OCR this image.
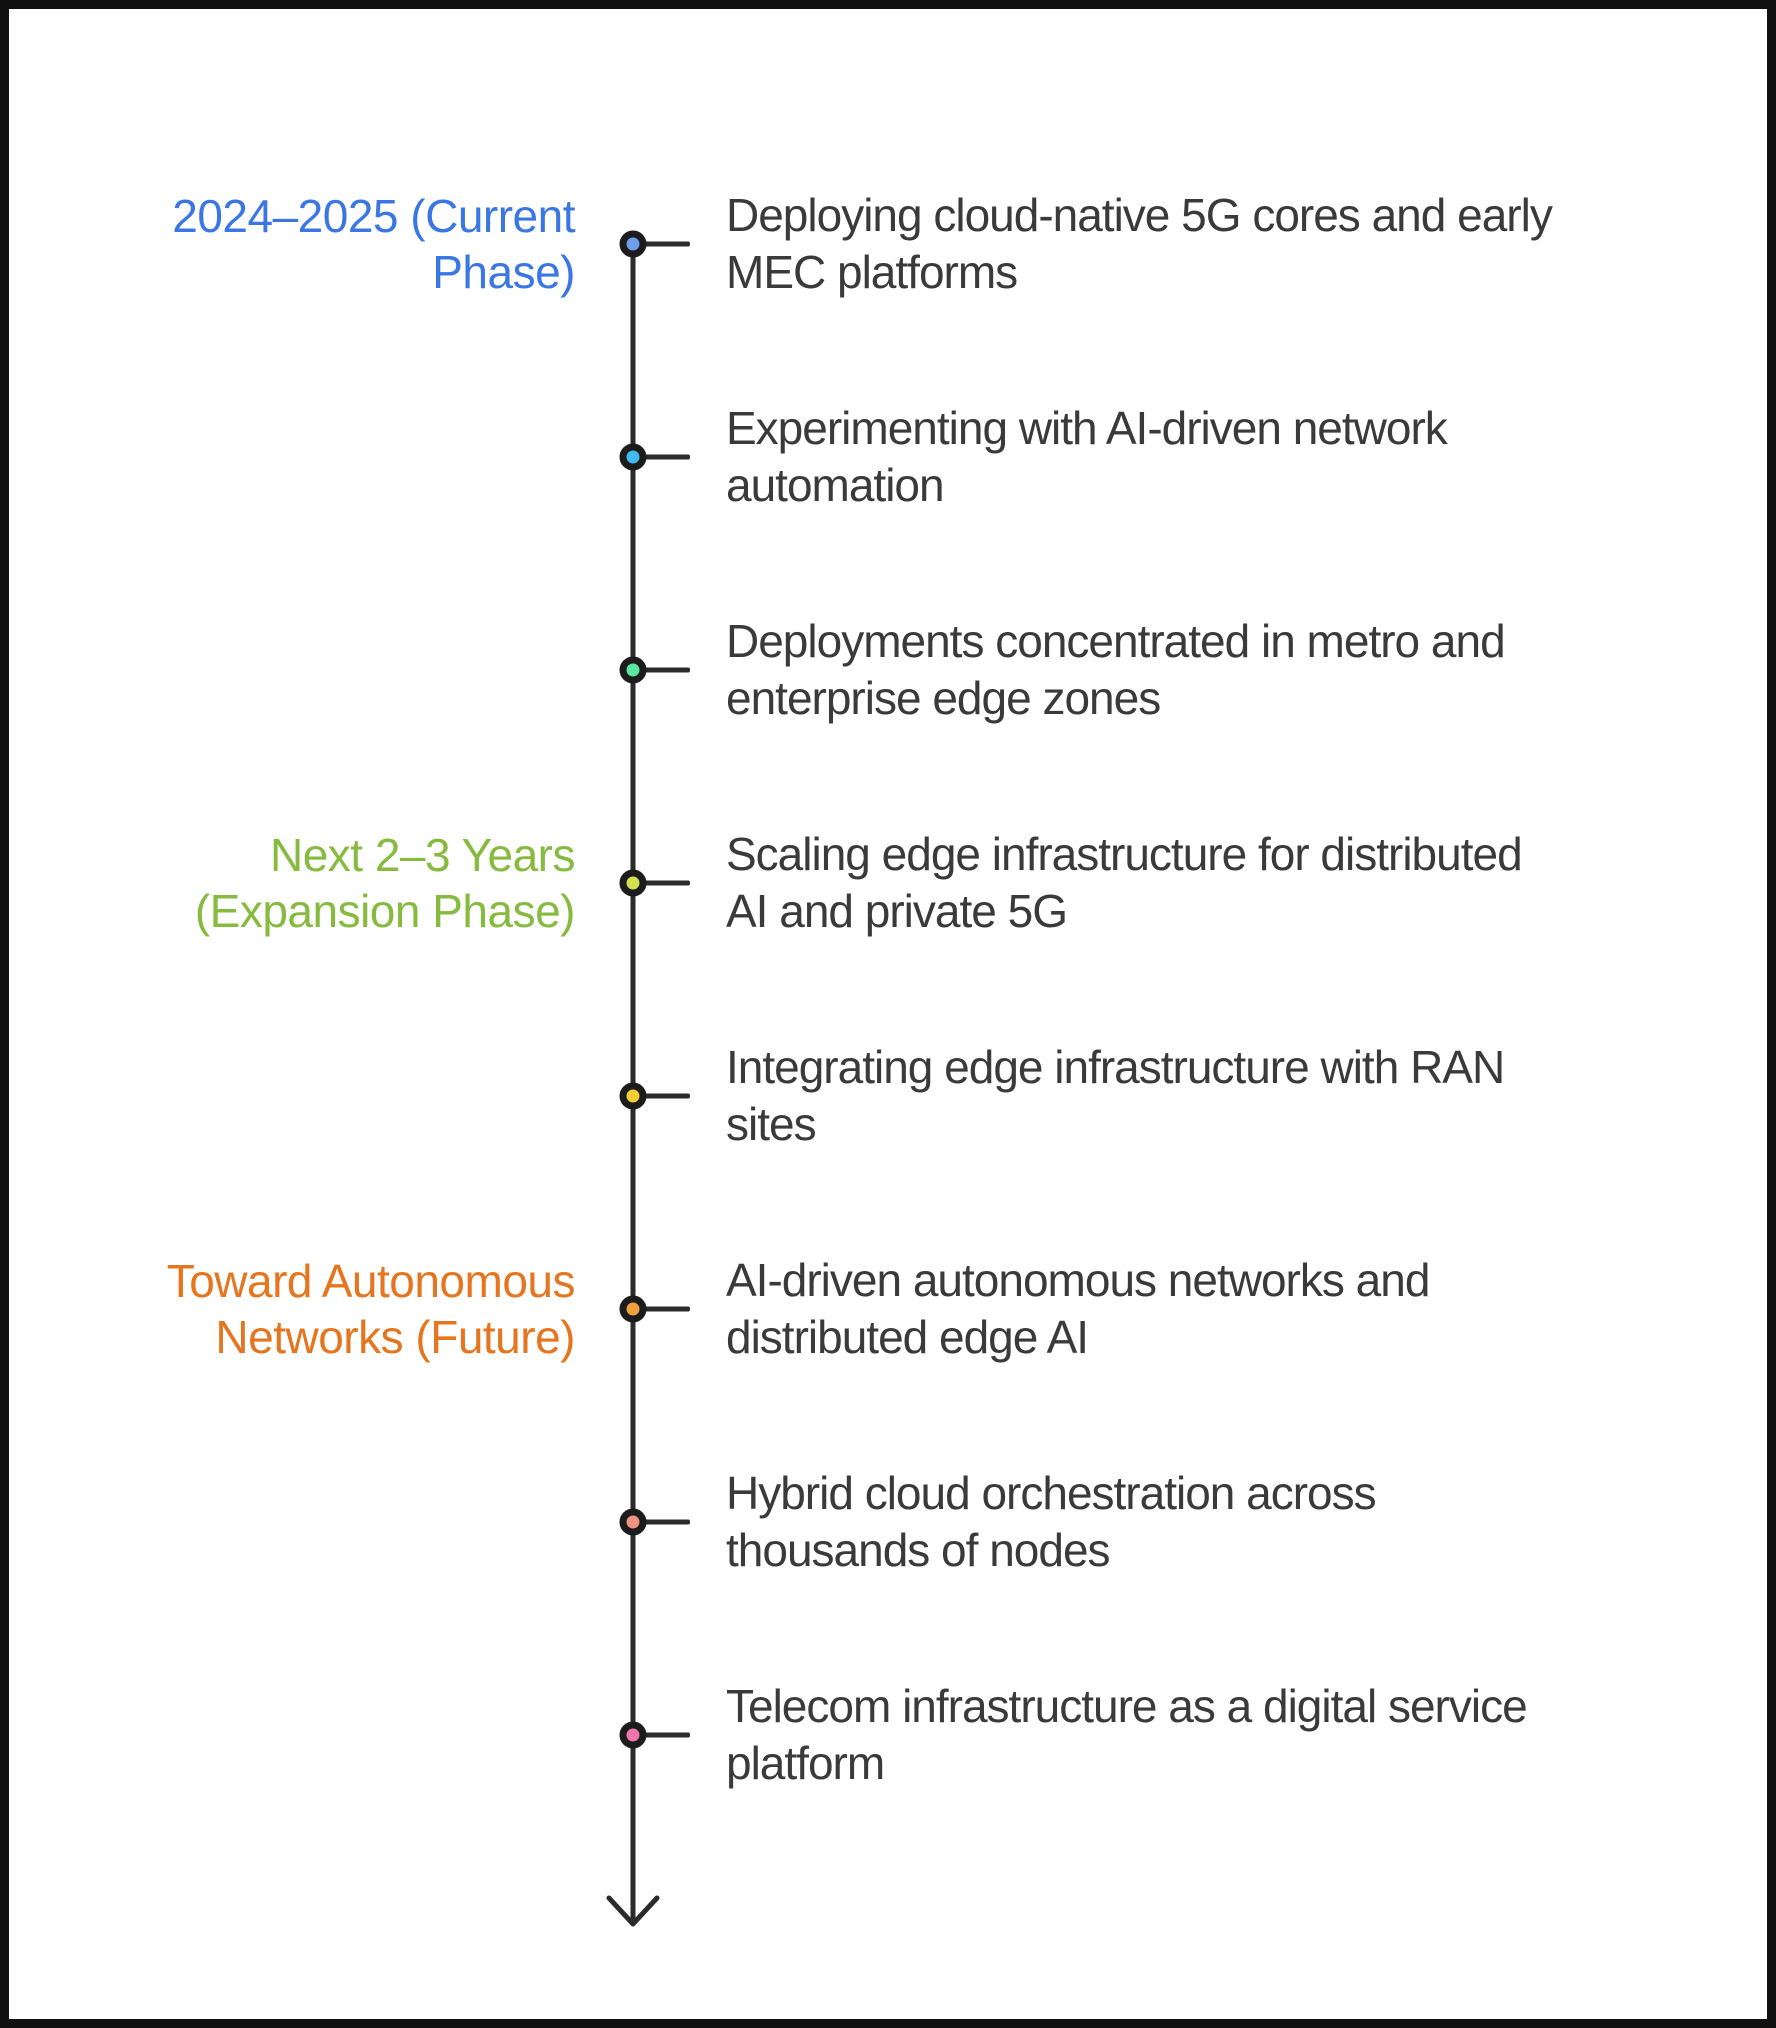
2024–2025 (Current
Phase)
Next 2–3 Years
(Expansion Phase)
Toward Autonomous
Networks (Future)
Deploying cloud-native 5G cores and early
MEC platforms
Experimenting with AI-driven network
automation
Deployments concentrated in metro and
enterprise edge zones
Scaling edge infrastructure for distributed
AI and private 5G
Integrating edge infrastructure with RAN
sites
AI-driven autonomous networks and
distributed edge AI
Hybrid cloud orchestration across
thousands of nodes
Telecom infrastructure as a digital service
platform
